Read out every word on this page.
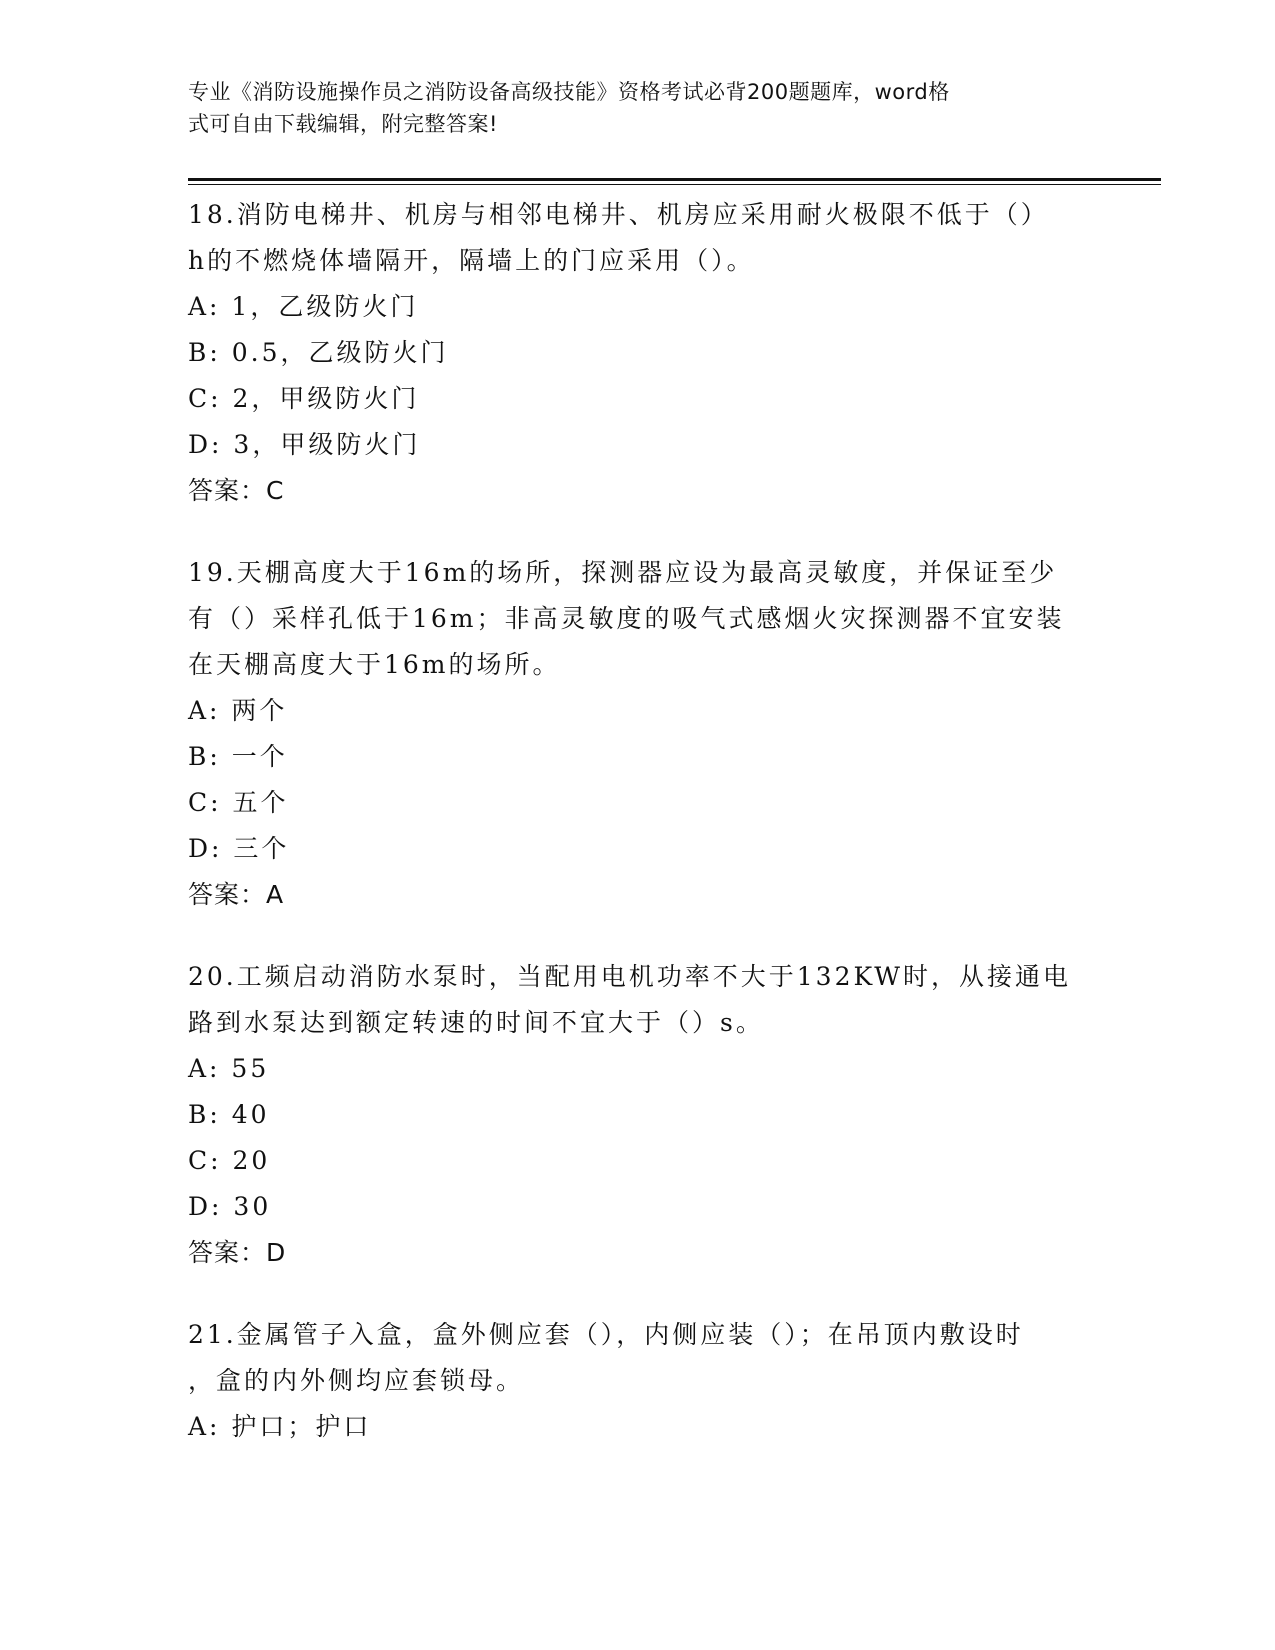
专业《消防设施操作员之消防设备高级技能》资格考试必背200题题库，word格
式可自由下载编辑，附完整答案!

18.消防电梯井、机房与相邻电梯井、机房应采用耐火极限不低于（）

h的不燃烧体墙隔开，隔墙上的门应采用（）。

A: 1，乙级防火门

B: 0.5，乙级防火门

C: 2，甲级防火门

D: 3，甲级防火门

答案：C

19.天棚高度大于16m的场所，探测器应设为最高灵敏度，并保证至少

有（）采样孔低于16m；非高灵敏度的吸气式感烟火灾探测器不宜安装

在天棚高度大于16m的场所。

A: 两个

B: 一个

C: 五个

D: 三个

答案：A

20.工频启动消防水泵时，当配用电机功率不大于132KW时，从接通电

路到水泵达到额定转速的时间不宜大于（）s。

A: 55

B: 40

C: 20

D: 30

答案：D

21.金属管子入盒，盒外侧应套（），内侧应装（）；在吊顶内敷设时

，盒的内外侧均应套锁母。

A: 护口；护口
